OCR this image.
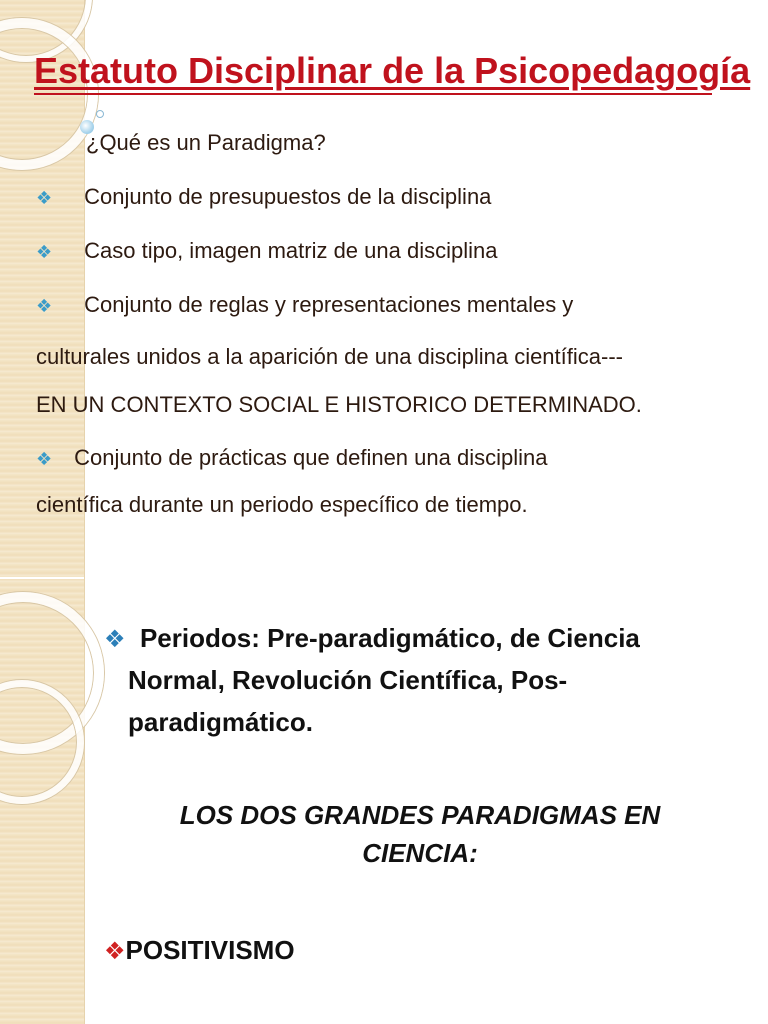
Estatuto Disciplinar de la Psicopedagogía
¿Qué es un Paradigma?
❖ Conjunto de presupuestos de la disciplina
❖ Caso tipo, imagen matriz de una disciplina
❖ Conjunto de reglas y representaciones mentales y
culturales unidos a la aparición de una disciplina científica---
EN UN CONTEXTO SOCIAL E HISTORICO DETERMINADO.
❖ Conjunto de prácticas que definen una disciplina
científica durante un periodo específico de tiempo.
❖ Periodos: Pre-paradigmático, de Ciencia
Normal, Revolución Científica, Pos-
paradigmático.
LOS DOS GRANDES PARADIGMAS EN
CIENCIA:
❖POSITIVISMO
